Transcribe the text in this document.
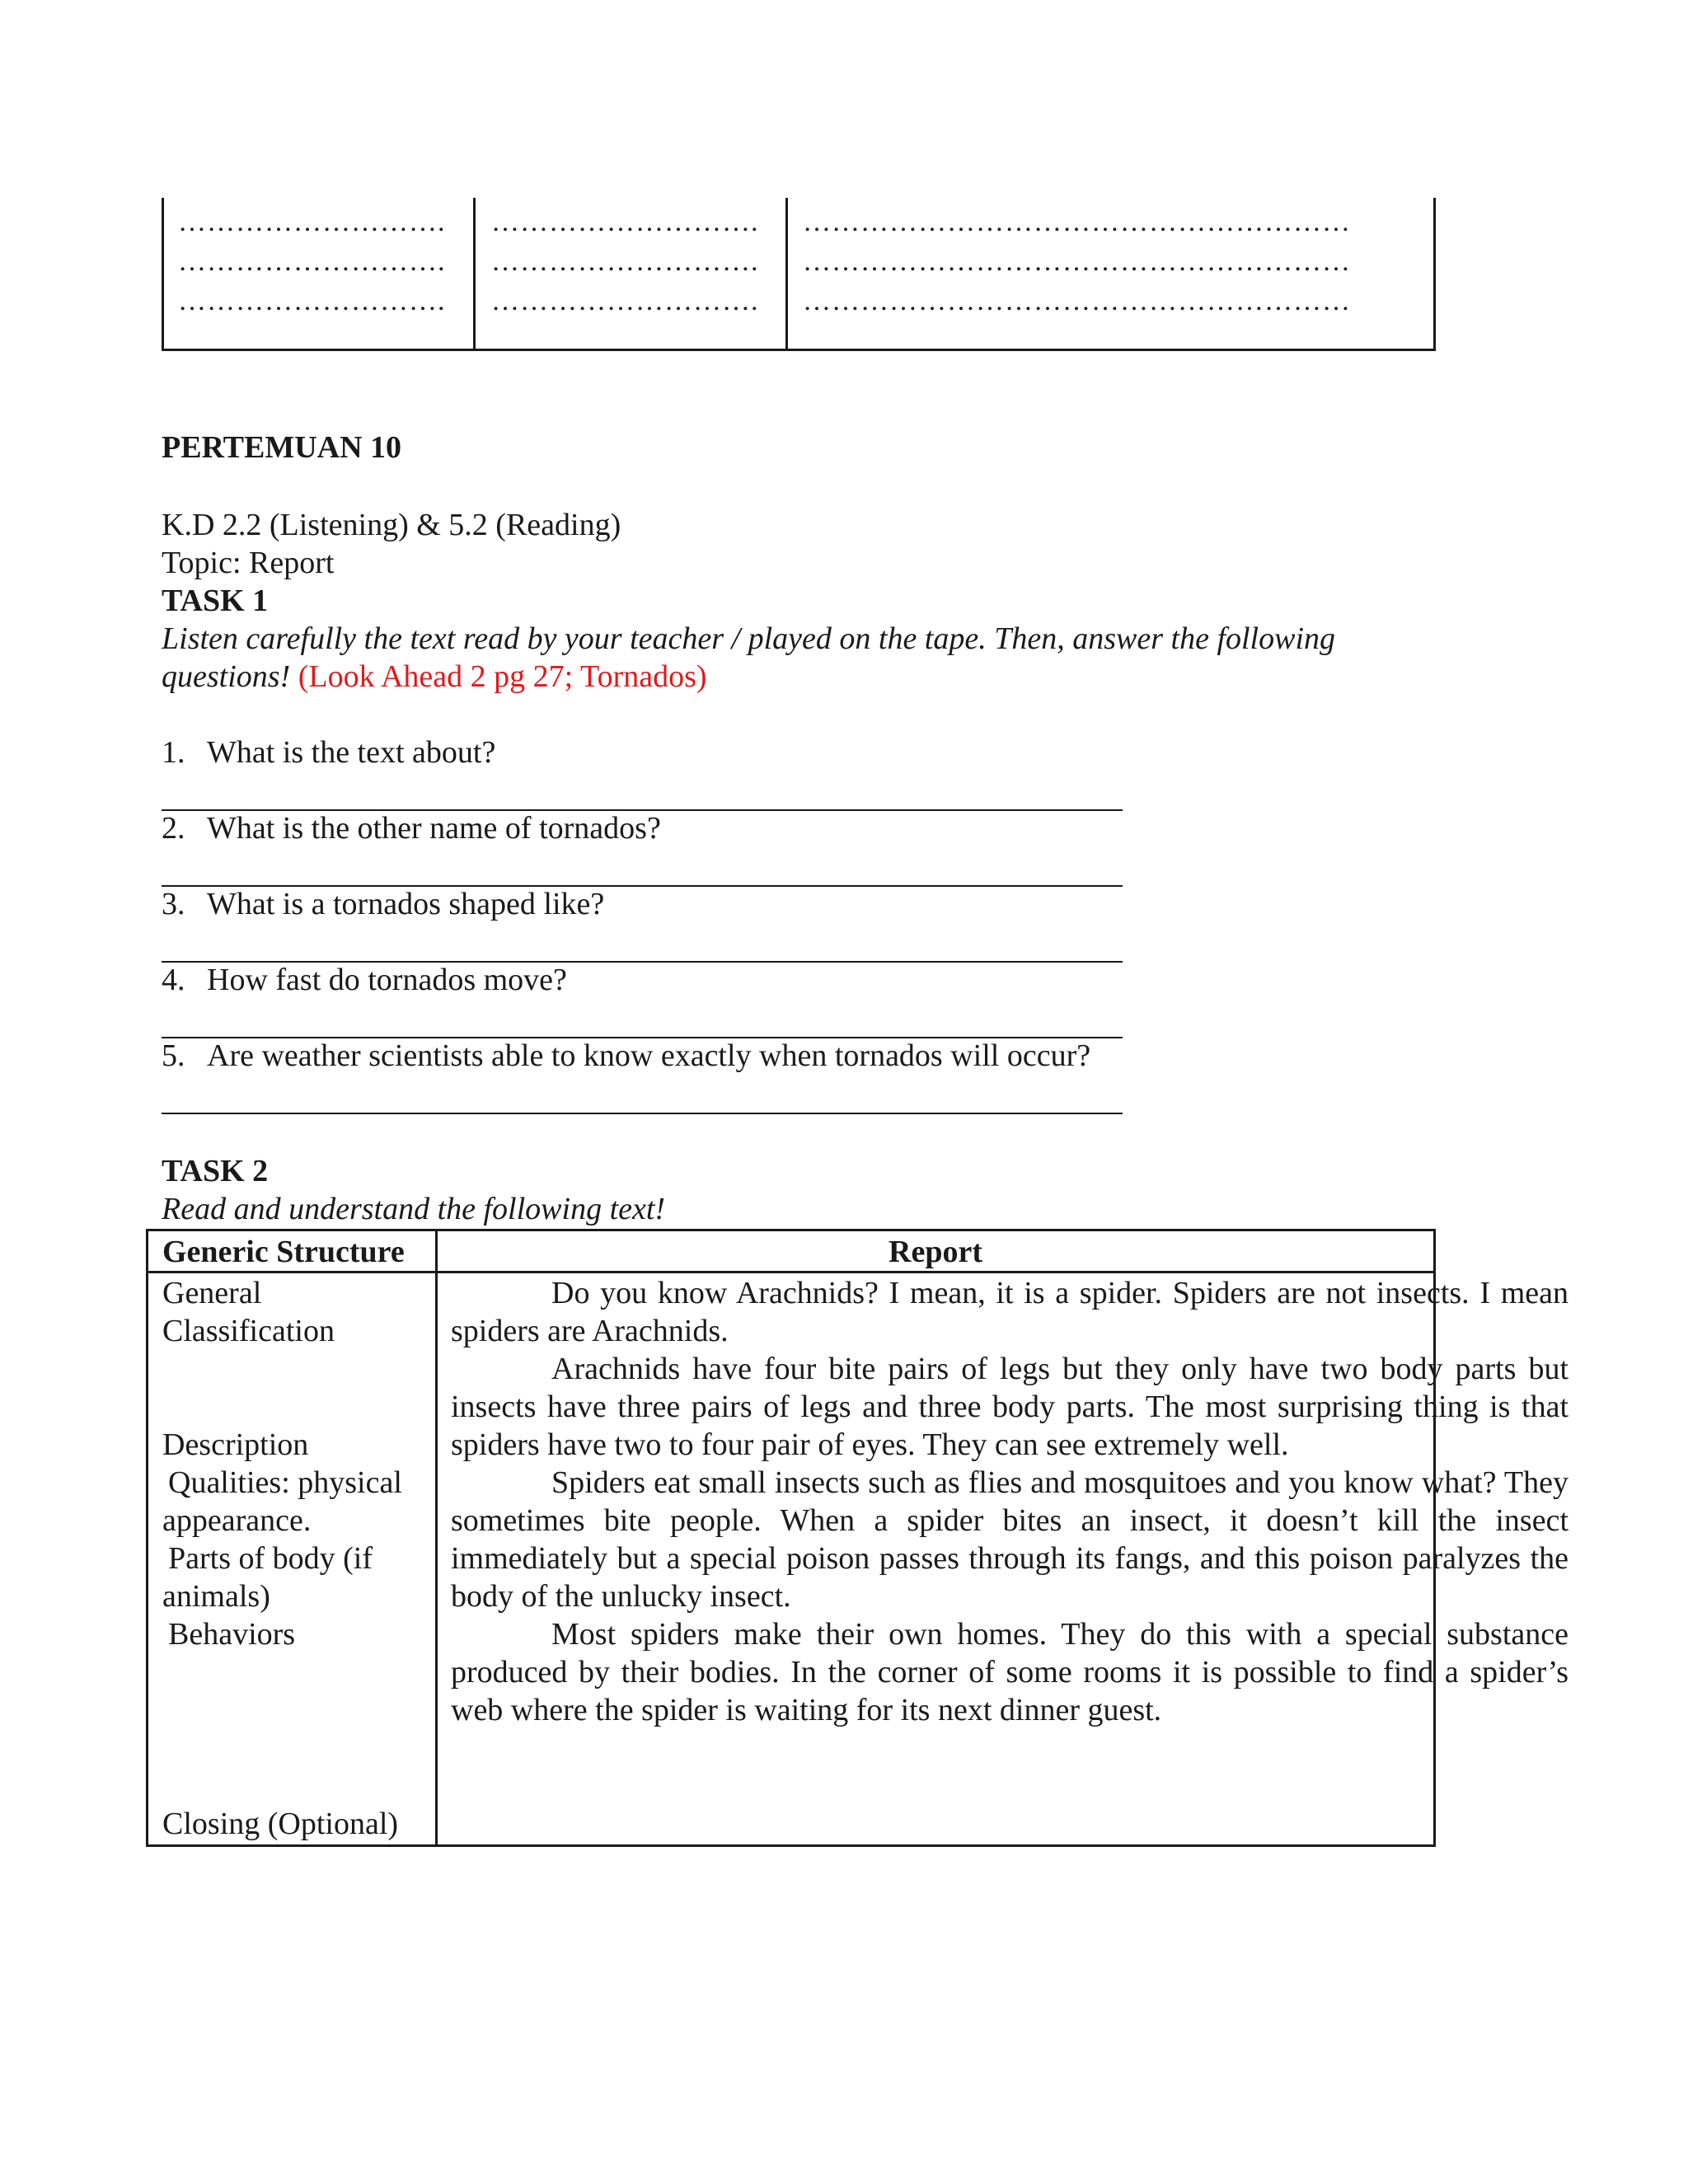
……………………….
……………………….
……………………….
……………………….
……………………….
……………………….
…………………………………………………
…………………………………………………
…………………………………………………
PERTEMUAN 10
K.D 2.2 (Listening) & 5.2 (Reading)
Topic: Report
TASK 1
Listen carefully the text read by your teacher / played on the tape. Then, answer the following
questions! (Look Ahead 2 pg 27; Tornados)
1. What is the text about?
2. What is the other name of tornados?
3. What is a tornados shaped like?
4. How fast do tornados move?
5. Are weather scientists able to know exactly when tornados will occur?
TASK 2
Read and understand the following text!
Generic Structure	Report
General
Classification
Description
Qualities: physical
appearance.
Parts of body (if
animals)
Behaviors
Closing (Optional)

Do you know Arachnids? I mean, it is a spider. Spiders are not insects. I mean spiders are Arachnids.

Arachnids have four bite pairs of legs but they only have two body parts but insects have three pairs of legs and three body parts. The most surprising thing is that spiders have two to four pair of eyes. They can see extremely well.

Spiders eat small insects such as flies and mosquitoes and you know what? They sometimes bite people. When a spider bites an insect, it doesn’t kill the insect immediately but a special poison passes through its fangs, and this poison paralyzes the body of the unlucky insect.

Most spiders make their own homes. They do this with a special substance produced by their bodies. In the corner of some rooms it is possible to find a spider’s web where the spider is waiting for its next dinner guest.
